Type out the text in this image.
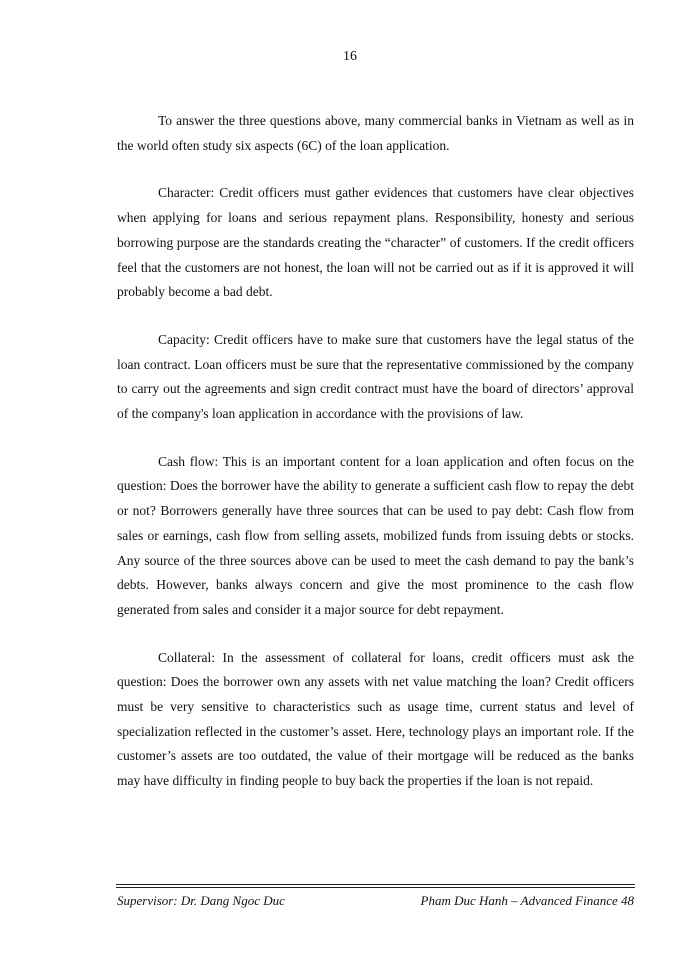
16

To answer the three questions above, many commercial banks in Vietnam as well as in the world often study six aspects (6C) of the loan application.

Character: Credit officers must gather evidences that customers have clear objectives when applying for loans and serious repayment plans. Responsibility, honesty and serious borrowing purpose are the standards creating the “character” of customers. If the credit officers feel that the customers are not honest, the loan will not be carried out as if it is approved it will probably become a bad debt.

Capacity: Credit officers have to make sure that customers have the legal status of the loan contract. Loan officers must be sure that the representative commissioned by the company to carry out the agreements and sign credit contract must have the board of directors’ approval of the company's loan application in accordance with the provisions of law.

Cash flow: This is an important content for a loan application and often focus on the question: Does the borrower have the ability to generate a sufficient cash flow to repay the debt or not? Borrowers generally have three sources that can be used to pay debt: Cash flow from sales or earnings, cash flow from selling assets, mobilized funds from issuing debts or stocks. Any source of the three sources above can be used to meet the cash demand to pay the bank’s debts. However, banks always concern and give the most prominence to the cash flow generated from sales and consider it a major source for debt repayment.

Collateral: In the assessment of collateral for loans, credit officers must ask the question: Does the borrower own any assets with net value matching the loan? Credit officers must be very sensitive to characteristics such as usage time, current status and level of specialization reflected in the customer’s asset. Here, technology plays an important role. If the customer’s assets are too outdated, the value of their mortgage will be reduced as the banks may have difficulty in finding people to buy back the properties if the loan is not repaid.

Supervisor: Dr. Dang Ngoc Duc	Pham Duc Hanh – Advanced Finance 48
